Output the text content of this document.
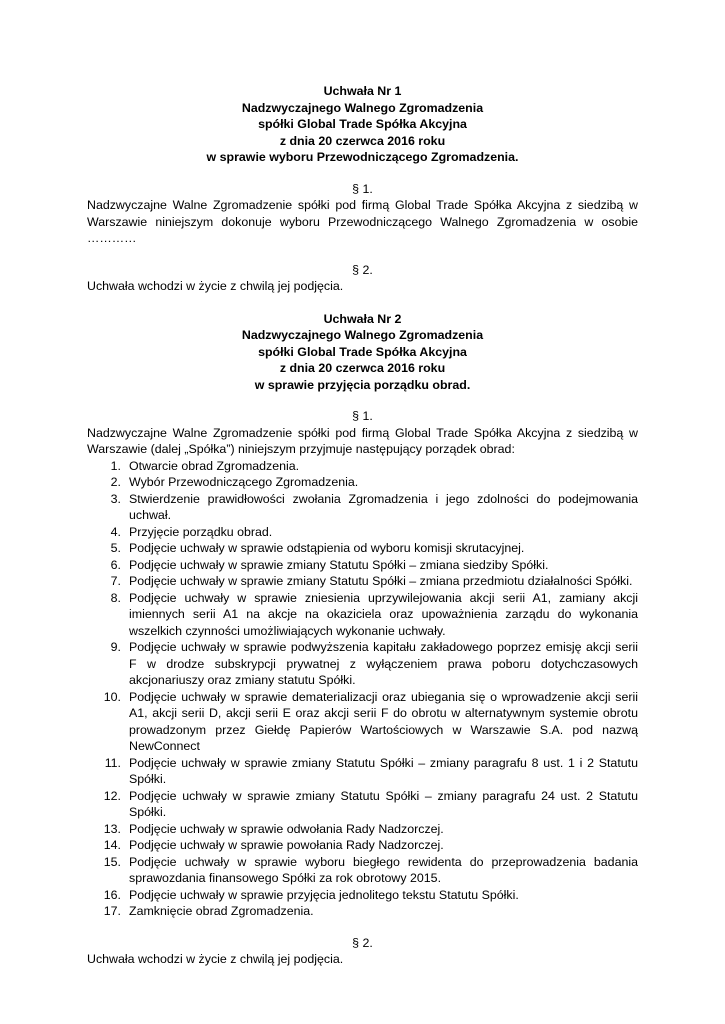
Uchwała Nr 1
Nadzwyczajnego Walnego Zgromadzenia
spółki Global Trade Spółka Akcyjna
z dnia 20 czerwca 2016 roku
w sprawie wyboru Przewodniczącego Zgromadzenia.
§ 1.
Nadzwyczajne Walne Zgromadzenie spółki pod firmą Global Trade Spółka Akcyjna z siedzibą w Warszawie niniejszym dokonuje wyboru Przewodniczącego Walnego Zgromadzenia w osobie …………
§ 2.
Uchwała wchodzi w życie z chwilą jej podjęcia.
Uchwała Nr 2
Nadzwyczajnego Walnego Zgromadzenia
spółki Global Trade Spółka Akcyjna
z dnia 20 czerwca 2016 roku
w sprawie przyjęcia porządku obrad.
§ 1.
Nadzwyczajne Walne Zgromadzenie spółki pod firmą Global Trade Spółka Akcyjna z siedzibą w Warszawie (dalej „Spółka”) niniejszym przyjmuje następujący porządek obrad:
1. Otwarcie obrad Zgromadzenia.
2. Wybór Przewodniczącego Zgromadzenia.
3. Stwierdzenie prawidłowości zwołania Zgromadzenia i jego zdolności do podejmowania uchwał.
4. Przyjęcie porządku obrad.
5. Podjęcie uchwały w sprawie odstąpienia od wyboru komisji skrutacyjnej.
6. Podjęcie uchwały w sprawie zmiany Statutu Spółki – zmiana siedziby Spółki.
7. Podjęcie uchwały w sprawie zmiany Statutu Spółki – zmiana przedmiotu działalności Spółki.
8. Podjęcie uchwały w sprawie zniesienia uprzywilejowania akcji serii A1, zamiany akcji imiennych serii A1 na akcje na okaziciela oraz upoważnienia zarządu do wykonania wszelkich czynności umożliwiających wykonanie uchwały.
9. Podjęcie uchwały w sprawie podwyższenia kapitału zakładowego poprzez emisję akcji serii F w drodze subskrypcji prywatnej z wyłączeniem prawa poboru dotychczasowych akcjonariuszy oraz zmiany statutu Spółki.
10. Podjęcie uchwały w sprawie dematerializacji oraz ubiegania się o wprowadzenie akcji serii A1, akcji serii D, akcji serii E oraz akcji serii F do obrotu w alternatywnym systemie obrotu prowadzonym przez Giełdę Papierów Wartościowych w Warszawie S.A. pod nazwą NewConnect
11. Podjęcie uchwały w sprawie zmiany Statutu Spółki – zmiany paragrafu 8 ust. 1 i 2 Statutu Spółki.
12. Podjęcie uchwały w sprawie zmiany Statutu Spółki – zmiany paragrafu 24 ust. 2 Statutu Spółki.
13. Podjęcie uchwały w sprawie odwołania Rady Nadzorczej.
14. Podjęcie uchwały w sprawie powołania Rady Nadzorczej.
15. Podjęcie uchwały w sprawie wyboru biegłego rewidenta do przeprowadzenia badania sprawozdania finansowego Spółki za rok obrotowy 2015.
16. Podjęcie uchwały w sprawie przyjęcia jednolitego tekstu Statutu Spółki.
17. Zamknięcie obrad Zgromadzenia.
§ 2.
Uchwała wchodzi w życie z chwilą jej podjęcia.
